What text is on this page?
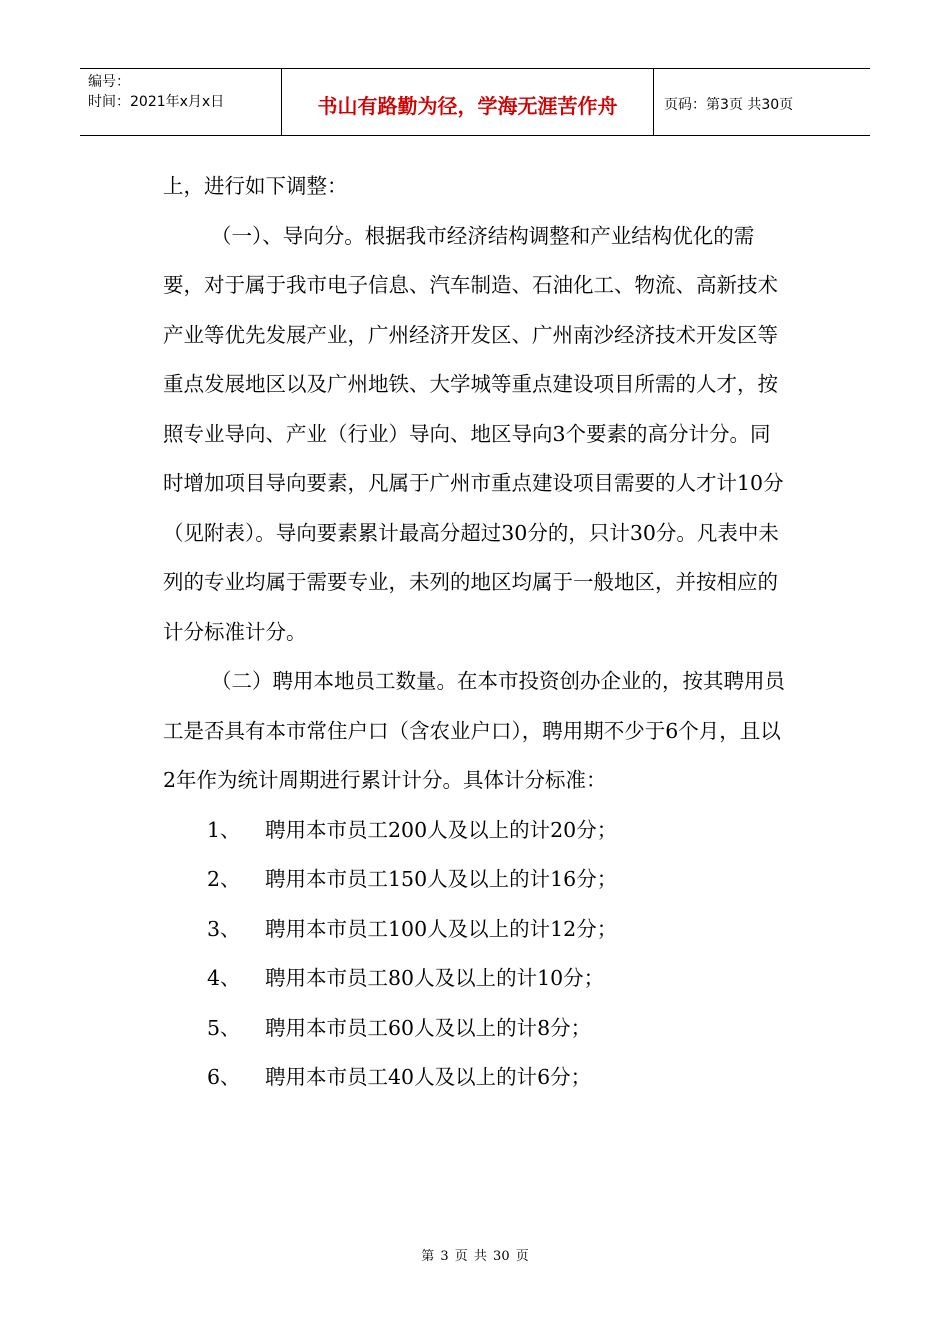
编号：
时间：2021年x月x日	书山有路勤为径，学海无涯苦作舟	页码：第3页 共30页

上，进行如下调整：

（一）、导向分。根据我市经济结构调整和产业结构优化的需要，对于属于我市电子信息、汽车制造、石油化工、物流、高新技术产业等优先发展产业，广州经济开发区、广州南沙经济技术开发区等重点发展地区以及广州地铁、大学城等重点建设项目所需的人才，按照专业导向、产业（行业）导向、地区导向3个要素的高分计分。同时增加项目导向要素，凡属于广州市重点建设项目需要的人才计10分（见附表）。导向要素累计最高分超过30分的，只计30分。凡表中未列的专业均属于需要专业，未列的地区均属于一般地区，并按相应的计分标准计分。

（二）聘用本地员工数量。在本市投资创办企业的，按其聘用员工是否具有本市常住户口（含农业户口），聘用期不少于6个月，且以2年作为统计周期进行累计计分。具体计分标准：

1、	聘用本市员工200人及以上的计20分；
2、	聘用本市员工150人及以上的计16分；
3、	聘用本市员工100人及以上的计12分；
4、	聘用本市员工80人及以上的计10分；
5、	聘用本市员工60人及以上的计8分；
6、	聘用本市员工40人及以上的计6分；
第 3 页 共 30 页
